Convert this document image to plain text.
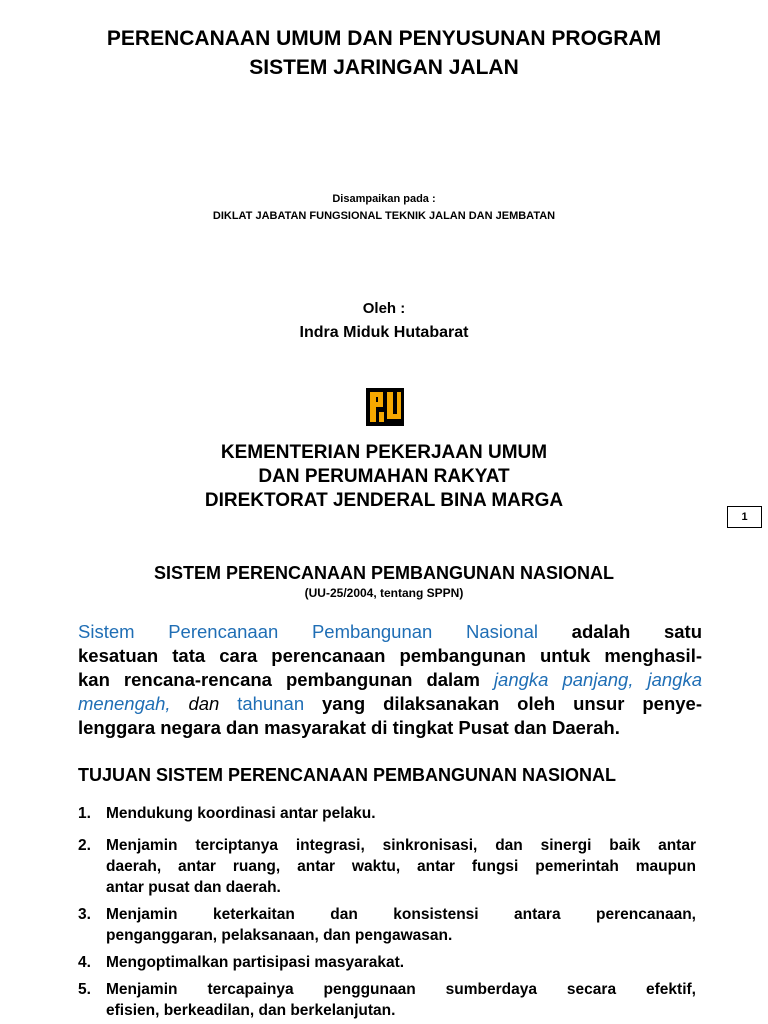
PERENCANAAN UMUM DAN PENYUSUNAN PROGRAM
SISTEM JARINGAN JALAN
Disampaikan pada :
DIKLAT JABATAN FUNGSIONAL TEKNIK JALAN DAN JEMBATAN
Oleh :
Indra Miduk Hutabarat
KEMENTERIAN PEKERJAAN UMUM
DAN PERUMAHAN RAKYAT
DIREKTORAT JENDERAL BINA MARGA
1
SISTEM PERENCANAAN PEMBANGUNAN NASIONAL
(UU-25/2004, tentang SPPN)
Sistem Perencanaan Pembangunan Nasional adalah satu
kesatuan tata cara perencanaan pembangunan untuk menghasil-
kan rencana-rencana pembangunan dalam jangka panjang, jangka
menengah, dan tahunan yang dilaksanakan oleh unsur penye-
lenggara negara dan masyarakat di tingkat Pusat dan Daerah.
TUJUAN SISTEM PERENCANAAN PEMBANGUNAN NASIONAL
1. Mendukung koordinasi antar pelaku.
2. Menjamin terciptanya integrasi, sinkronisasi, dan sinergi baik antar
daerah, antar ruang, antar waktu, antar fungsi pemerintah maupun
antar pusat dan daerah.
3. Menjamin keterkaitan dan konsistensi antara perencanaan,
penganggaran, pelaksanaan, dan pengawasan.
4. Mengoptimalkan partisipasi masyarakat.
5. Menjamin tercapainya penggunaan sumberdaya secara efektif,
efisien, berkeadilan, dan berkelanjutan.
